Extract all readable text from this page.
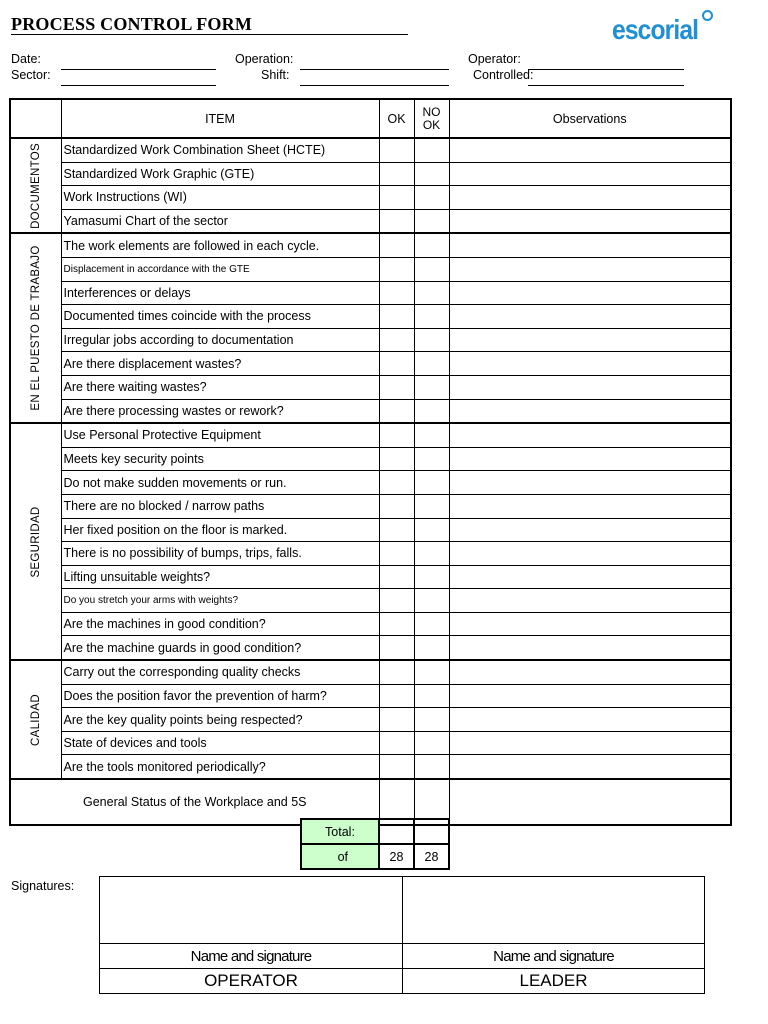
PROCESS CONTROL FORM	escorial
Date:	Operation:	Operator:
Sector:	Shift:	Controlled:
	ITEM	OK	NO OK	Observations

DOCUMENTOS	Standardized Work Combination Sheet (HCTE)			
	Standardized Work Graphic (GTE)			
	Work Instructions (WI)			
	Yamasumi Chart of the sector			

EN EL PUESTO DE TRABAJO	The work elements are followed in each cycle.			
	Displacement in accordance with the GTE			
	Interferences or delays			
	Documented times coincide with the process			
	Irregular jobs according to documentation			
	Are there displacement wastes?			
	Are there waiting wastes?			
	Are there processing wastes or rework?			

SEGURIDAD	Use Personal Protective Equipment			
	Meets key security points			
	Do not make sudden movements or run.			
	There are no blocked / narrow paths			
	Her fixed position on the floor is marked.			
	There is no possibility of bumps, trips, falls.			
	Lifting unsuitable weights?			
	Do you stretch your arms with weights?			
	Are the machines in good condition?			
	Are the machine guards in good condition?			

CALIDAD	Carry out the corresponding quality checks			
	Does the position favor the prevention of harm?			
	Are the key quality points being respected?			
	State of devices and tools			
	Are the tools monitored periodically?			
General Status of the Workplace and 5S				
Total:		
of	28	28
Signatures:

Name and signature	Name and signature
OPERATOR	LEADER
